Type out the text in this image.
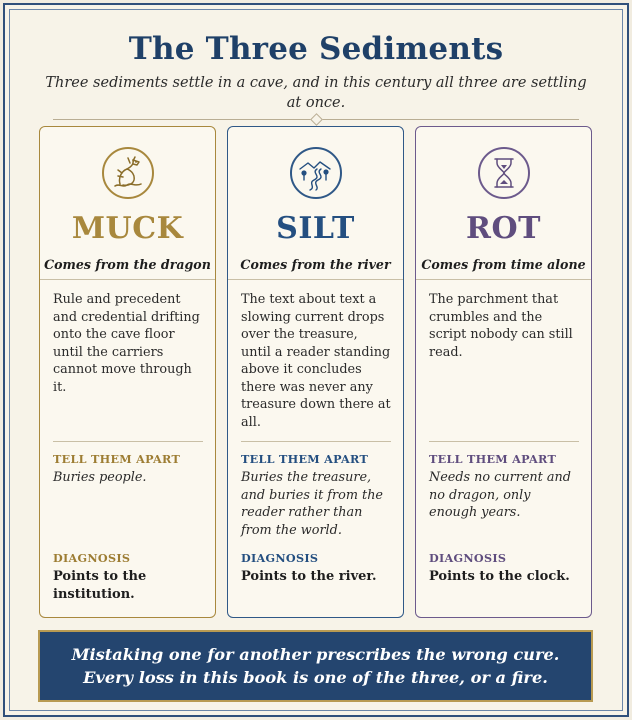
The Three Sediments
Three sediments settle in a cave, and in this century all three are settling at once.
MUCK
Comes from the dragon
Rule and precedent and credential drifting onto the cave floor until the carriers cannot move through it.
TELL THEM APART
Buries people.
DIAGNOSIS
Points to the institution.
SILT
Comes from the river
The text about text a slowing current drops over the treasure, until a reader standing above it concludes there was never any treasure down there at all.
TELL THEM APART
Buries the treasure, and buries it from the reader rather than from the world.
DIAGNOSIS
Points to the river.
ROT
Comes from time alone
The parchment that crumbles and the script nobody can still read.
TELL THEM APART
Needs no current and no dragon, only enough years.
DIAGNOSIS
Points to the clock.
Mistaking one for another prescribes the wrong cure.
Every loss in this book is one of the three, or a fire.
